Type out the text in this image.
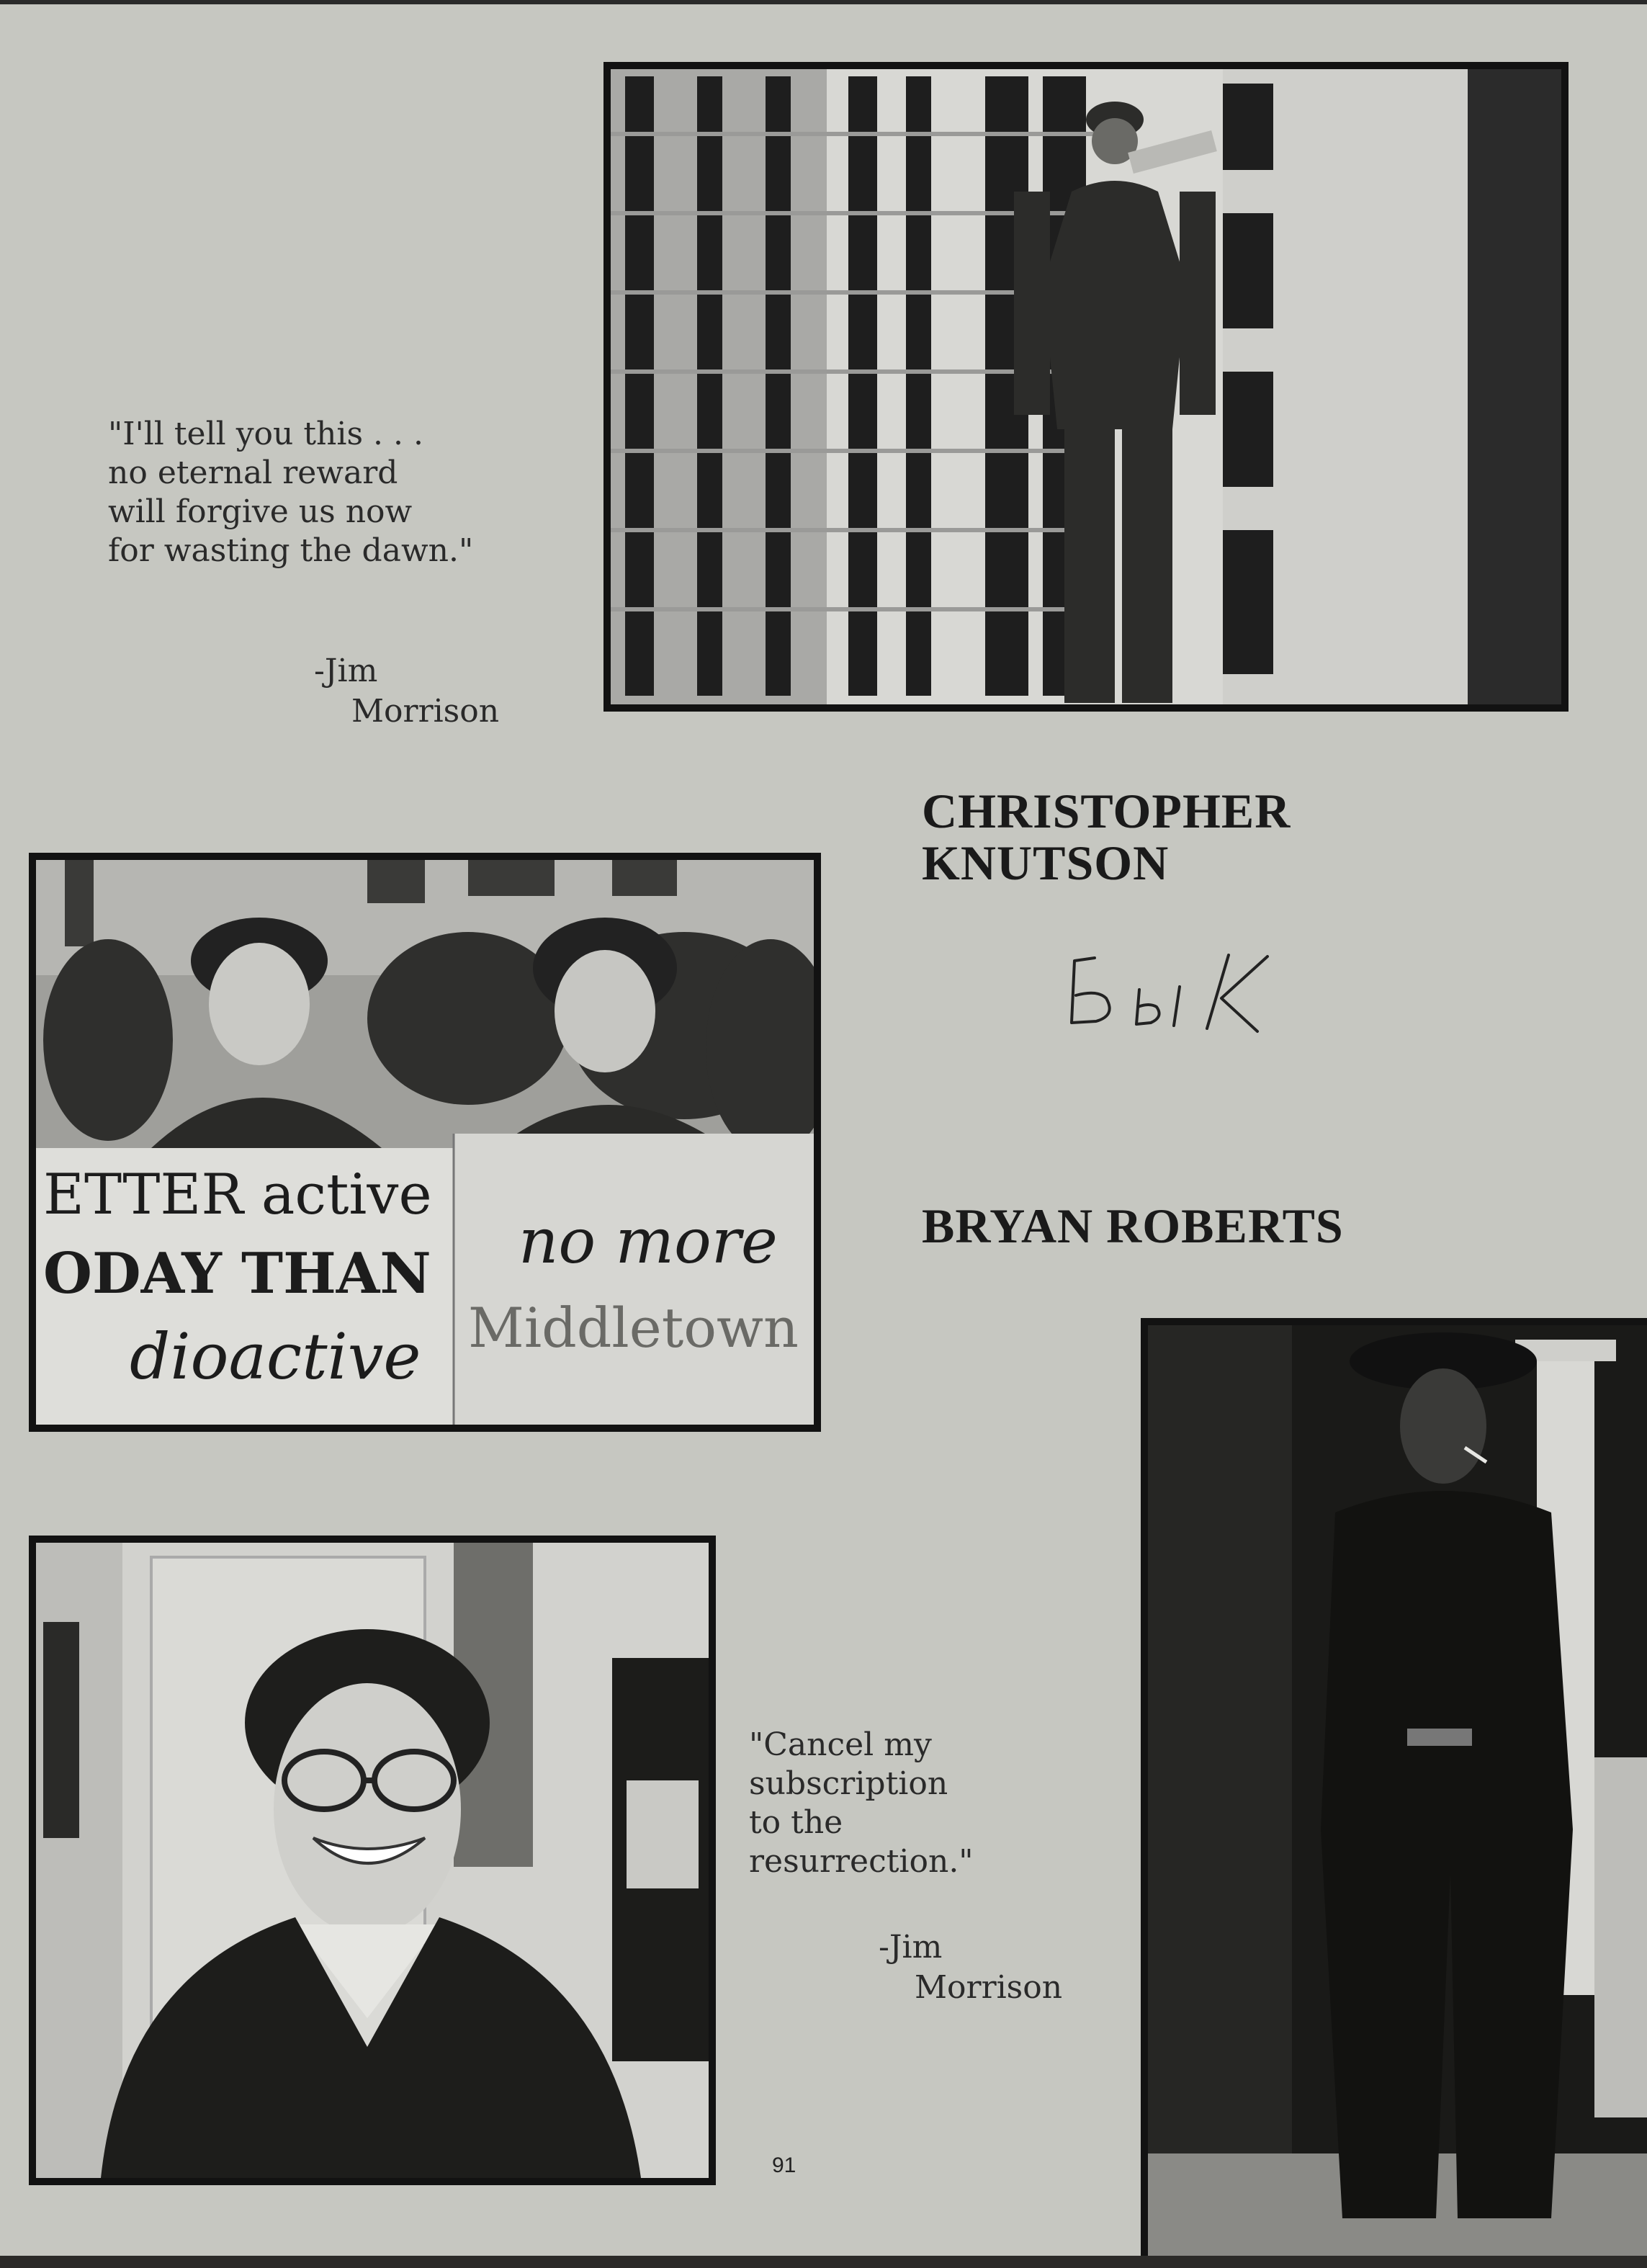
"I'll tell you this . . .
no eternal reward
will forgive us now
for wasting the dawn."
-Jim
Morrison
CHRISTOPHER
KNUTSON
BRYAN ROBERTS
ETTER active
ODAY THAN
dioactive
no more
Middletown
"Cancel my
subscription
to the
resurrection."
-Jim
Morrison
91
